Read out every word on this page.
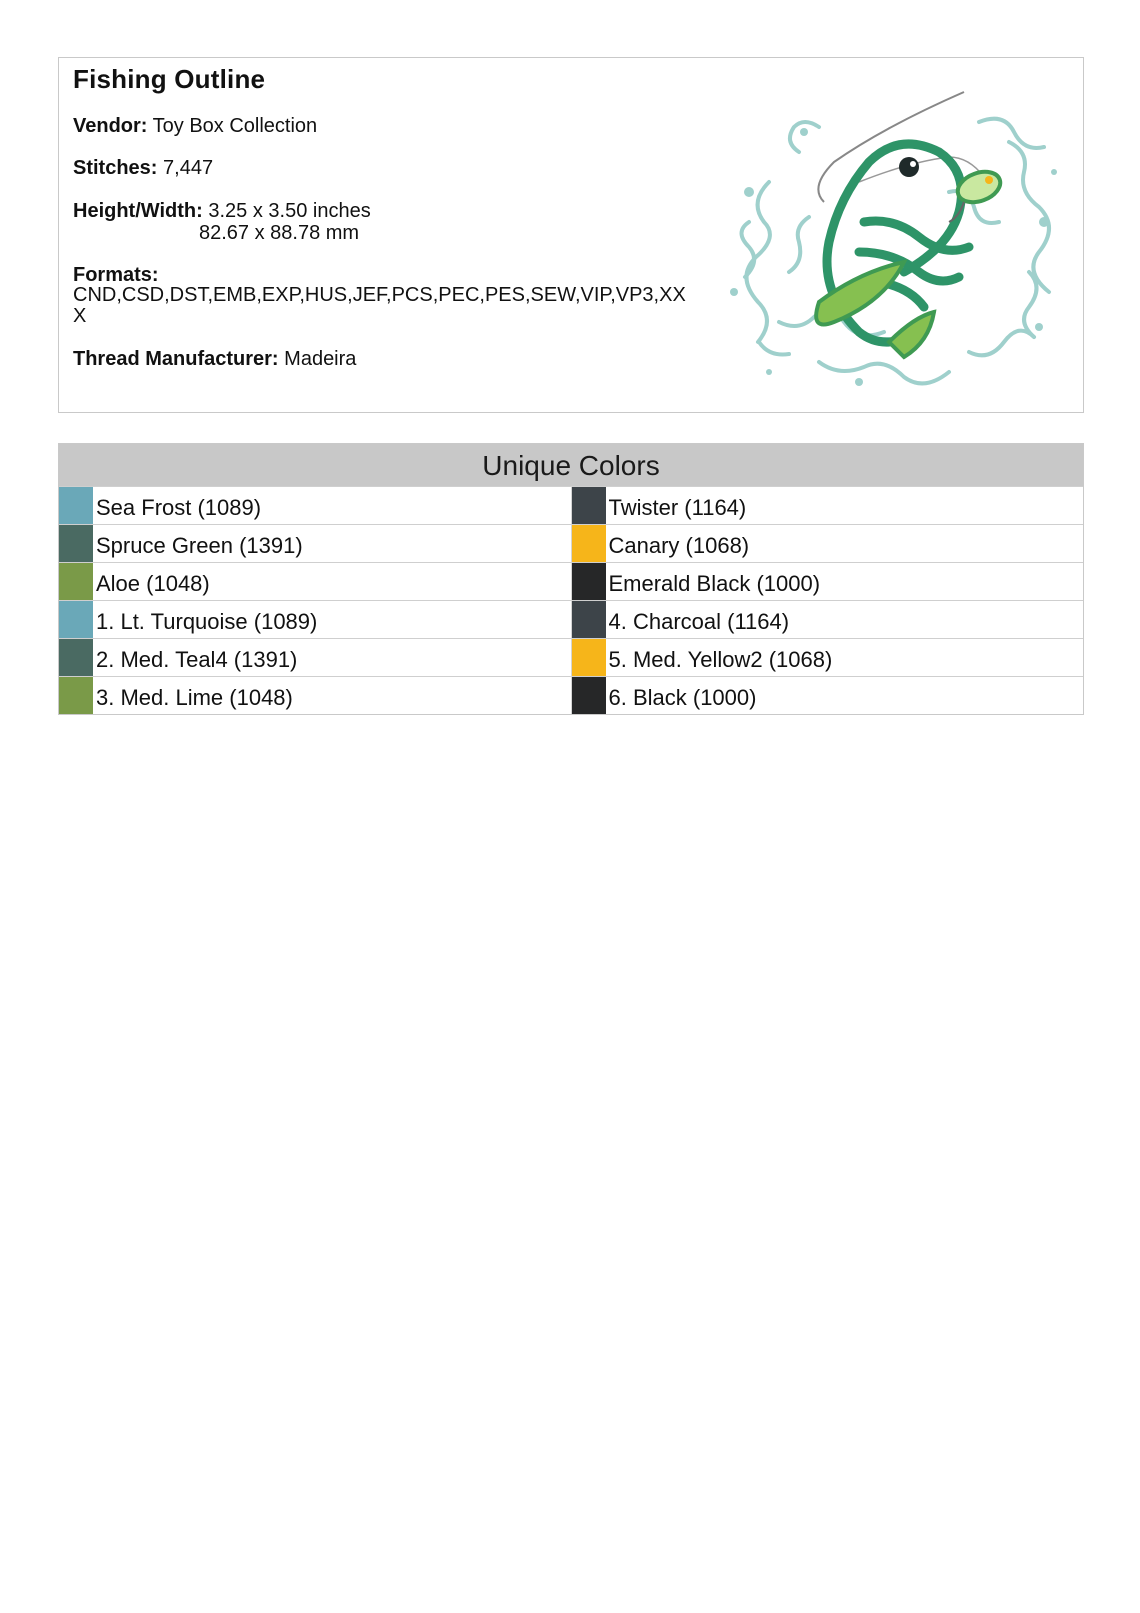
Fishing Outline
Vendor: Toy Box Collection
Stitches: 7,447
Height/Width: 3.25 x 3.50 inches
82.67 x 88.78 mm
Formats:
CND,CSD,DST,EMB,EXP,HUS,JEF,PCS,PEC,PES,SEW,VIP,VP3,XXX
Thread Manufacturer: Madeira
Unique Colors
Sea Frost (1089)
Spruce Green (1391)
Aloe (1048)
1. Lt. Turquoise (1089)
2. Med. Teal4 (1391)
3. Med. Lime (1048)
Twister (1164)
Canary (1068)
Emerald Black (1000)
4. Charcoal (1164)
5. Med. Yellow2 (1068)
6. Black (1000)
